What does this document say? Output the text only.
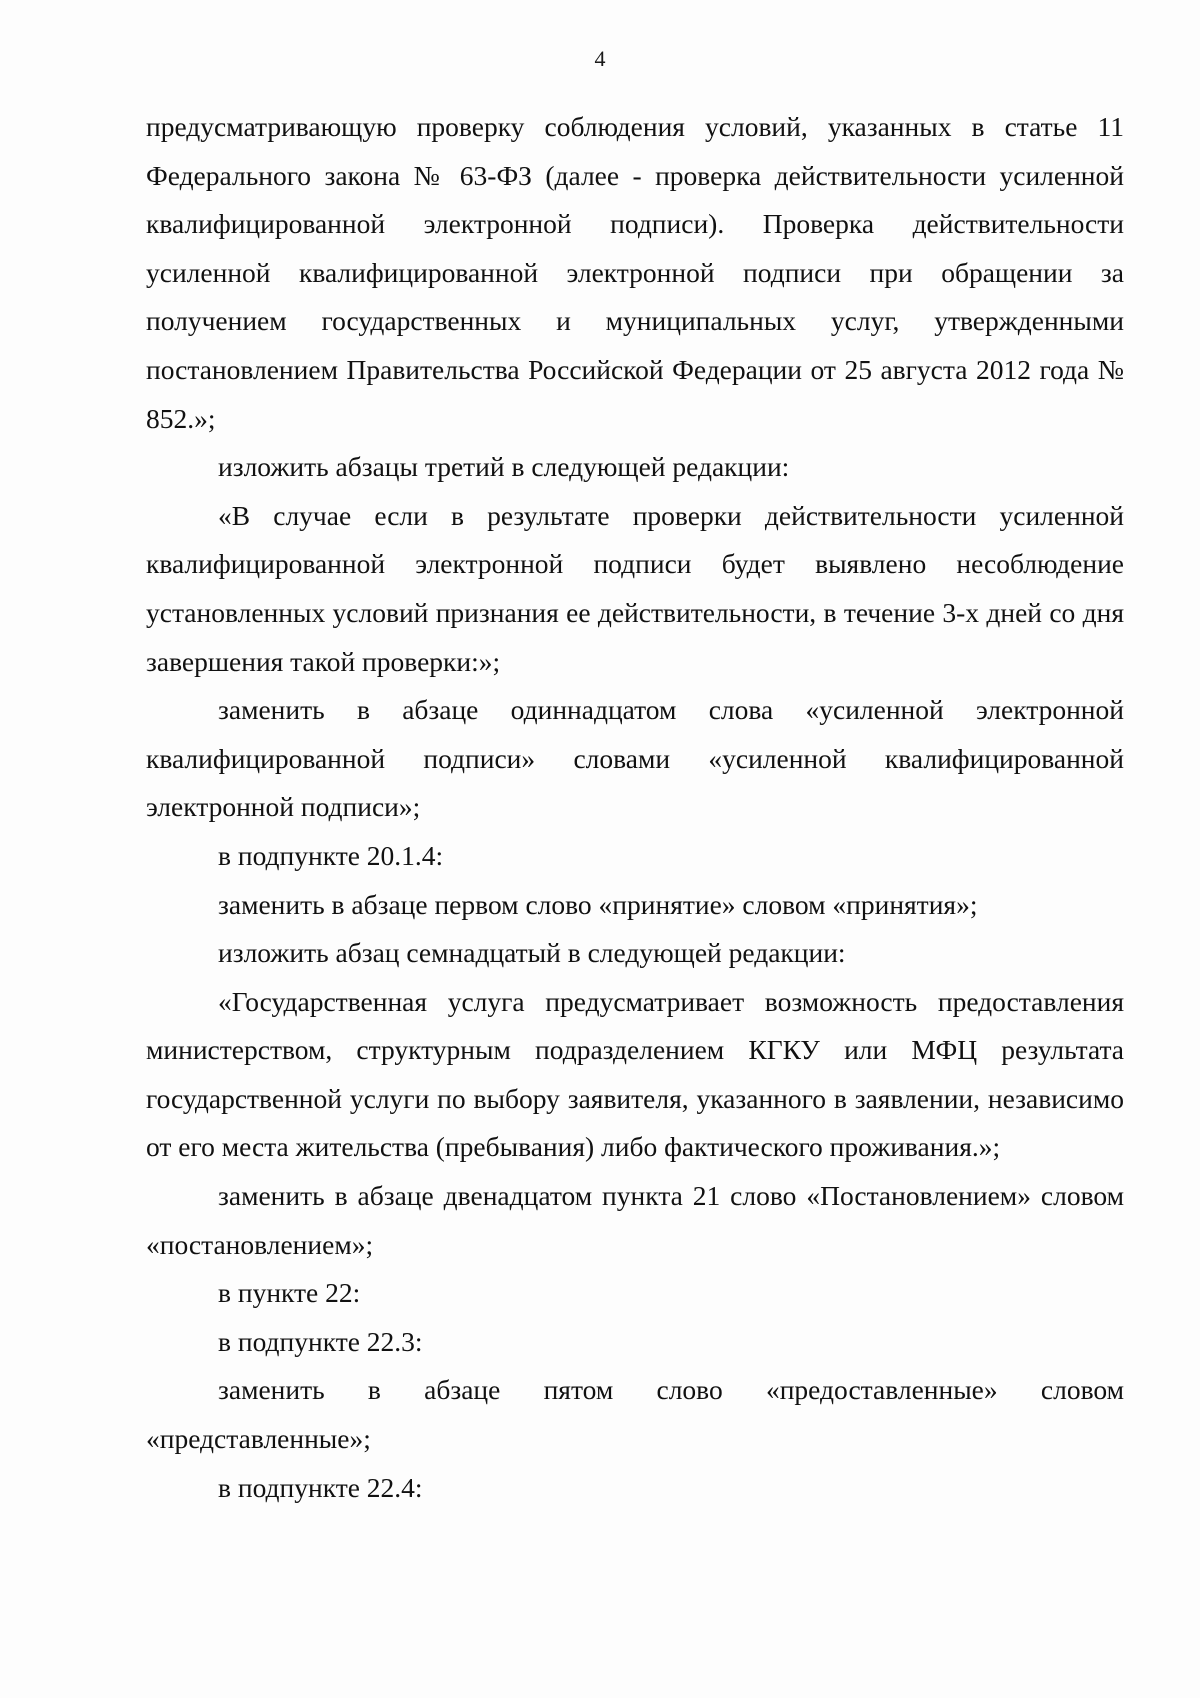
4

предусматривающую проверку соблюдения условий, указанных в статье 11 Федерального закона № 63-ФЗ (далее - проверка действительности усиленной квалифицированной электронной подписи). Проверка действительности усиленной квалифицированной электронной подписи при обращении за получением государственных и муниципальных услуг, утвержденными постановлением Правительства Российской Федерации от 25 августа 2012 года № 852.»;

изложить абзацы третий в следующей редакции:

«В случае если в результате проверки действительности усиленной квалифицированной электронной подписи будет выявлено несоблюдение установленных условий признания ее действительности, в течение 3-х дней со дня завершения такой проверки:»;

заменить в абзаце одиннадцатом слова «усиленной электронной квалифицированной подписи» словами «усиленной квалифицированной электронной подписи»;

в подпункте 20.1.4:

заменить в абзаце первом слово «принятие» словом «принятия»;

изложить абзац семнадцатый в следующей редакции:

«Государственная услуга предусматривает возможность предоставления министерством, структурным подразделением КГКУ или МФЦ результата государственной услуги по выбору заявителя, указанного в заявлении, независимо от его места жительства (пребывания) либо фактического проживания.»;

заменить в абзаце двенадцатом пункта 21 слово «Постановлением» словом «постановлением»;

в пункте 22:

в подпункте 22.3:

заменить в абзаце пятом слово «предоставленные» словом «представленные»;

в подпункте 22.4:
